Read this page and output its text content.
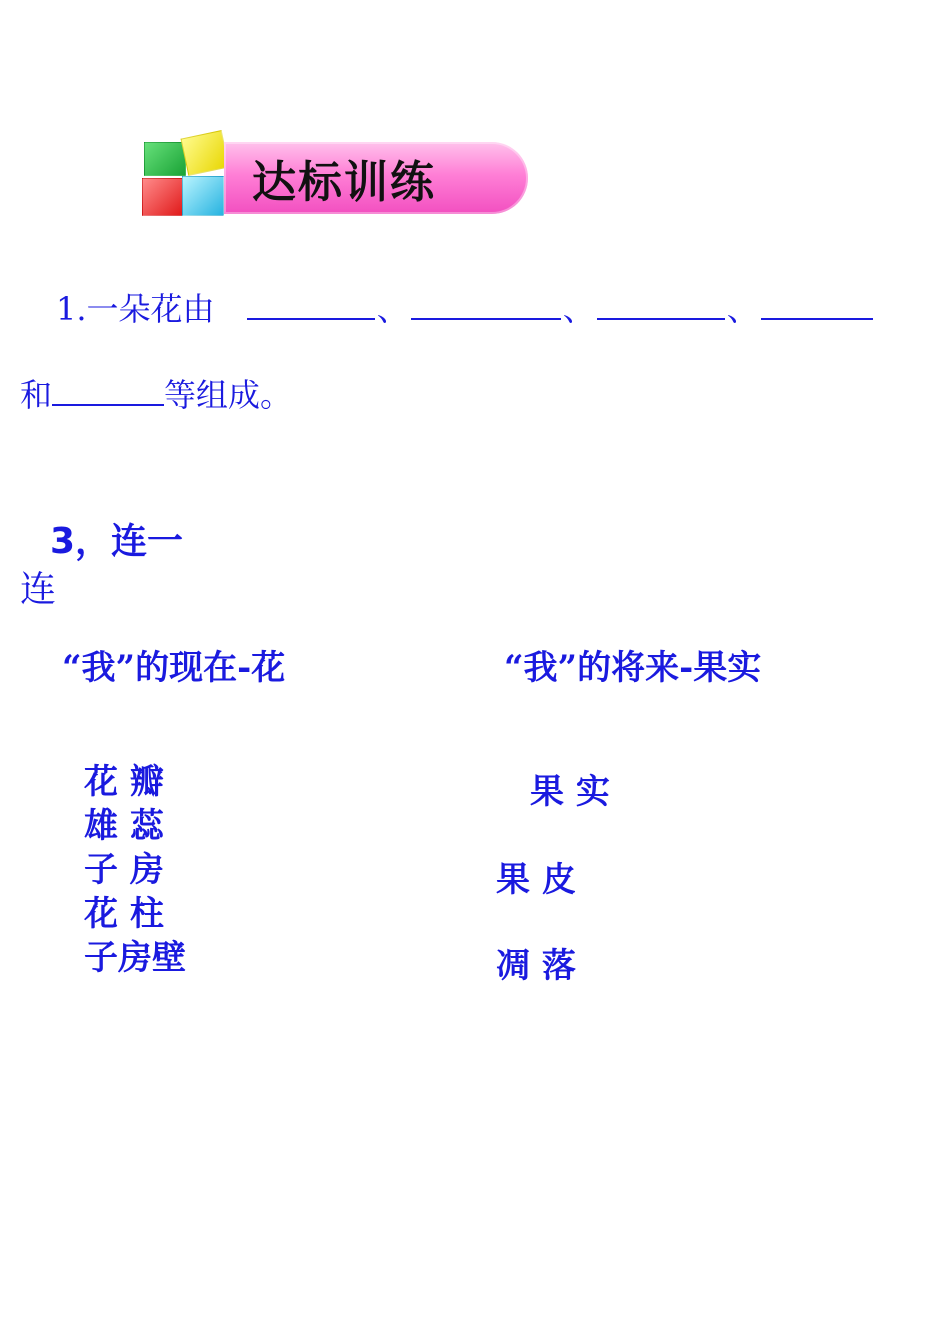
达标训练
1.一朵花由	、	、	、
和	等组成。
3，连一
连
“我”的现在-花
花 瓣
雄 蕊
子 房
花 柱
子房壁
“我”的将来-果实
果 实
果 皮
凋 落
